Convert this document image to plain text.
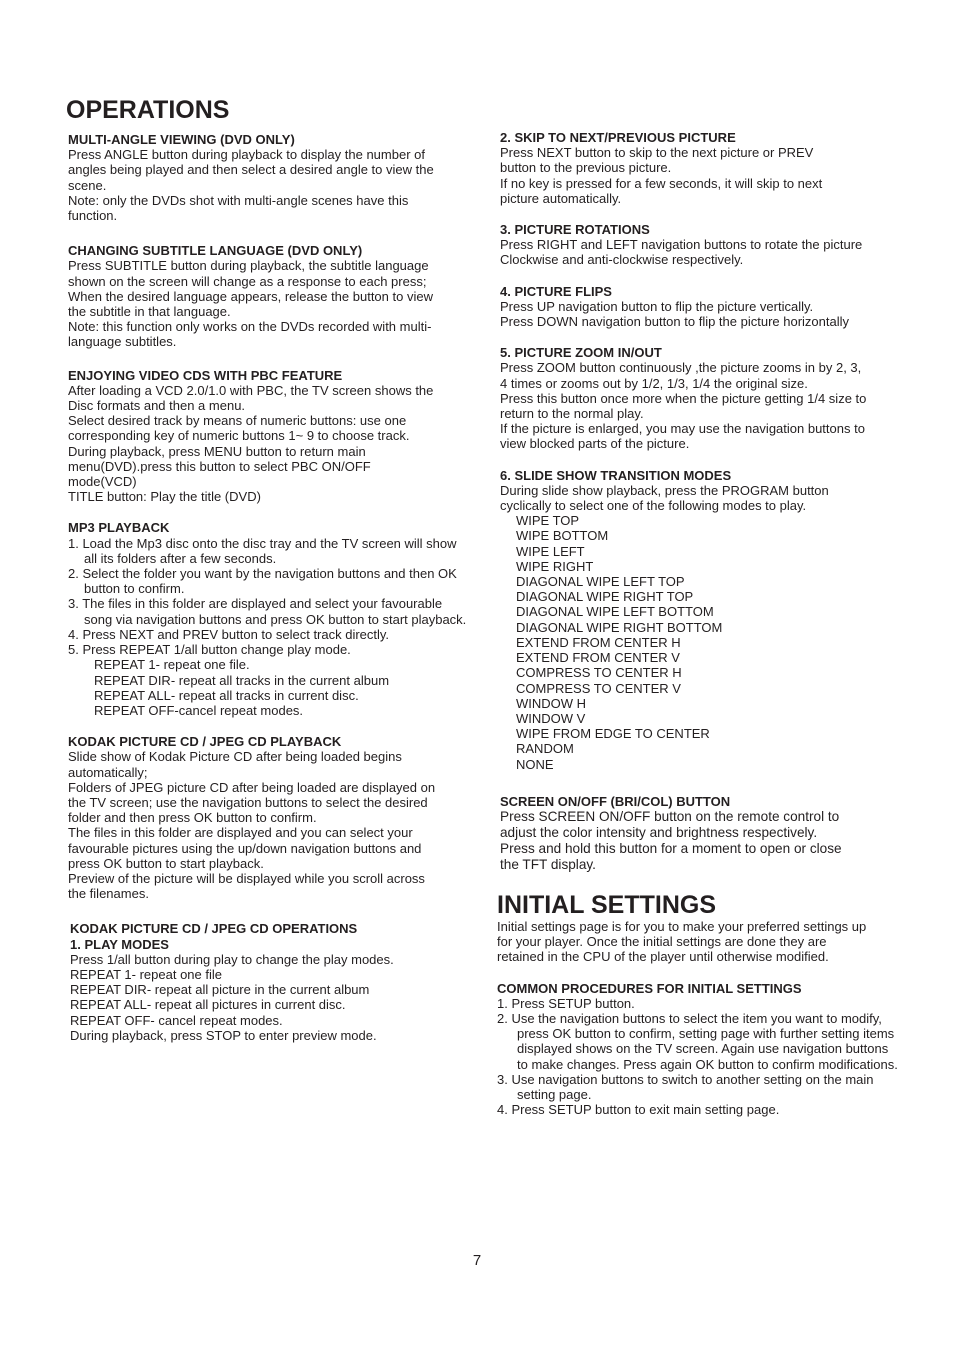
OPERATIONS
MULTI-ANGLE VIEWING (DVD ONLY)
Press ANGLE button during playback to display the number of
angles being played and then select a desired angle to view the
scene.
Note: only the DVDs shot with multi-angle scenes have this
function.
CHANGING SUBTITLE LANGUAGE (DVD ONLY)
Press SUBTITLE button during playback, the subtitle language
shown on the screen will change as a response to each press;
When the desired language appears, release the button to view
the subtitle in that language.
Note: this function only works on the DVDs recorded with multi-
language subtitles.
ENJOYING VIDEO CDS WITH PBC FEATURE
After loading a VCD 2.0/1.0 with PBC, the TV screen shows the
Disc formats and then a menu.
Select desired track by means of numeric buttons: use one
corresponding key of numeric buttons 1~ 9 to choose track.
During playback, press MENU button to return main
menu(DVD).press this button to select PBC ON/OFF
mode(VCD)
TITLE button: Play the title (DVD)
MP3 PLAYBACK
1. Load the Mp3 disc onto the disc tray and the TV screen will show all its folders after a few seconds.
2. Select the folder you want by the navigation buttons and then OK button to confirm.
3. The files in this folder are displayed and select your favourable song via navigation buttons and press OK button to start playback.
4. Press NEXT and PREV button to select track directly.
5. Press REPEAT 1/all button change play mode.
REPEAT 1- repeat one file.
REPEAT DIR- repeat all tracks in the current album
REPEAT ALL- repeat all tracks in current disc.
REPEAT OFF-cancel repeat modes.
KODAK PICTURE CD / JPEG CD PLAYBACK
Slide show of Kodak Picture CD after being loaded begins
automatically;
Folders of JPEG picture CD after being loaded are displayed on
the TV screen; use the navigation buttons to select the desired
folder and then press OK button to confirm.
The files in this folder are displayed and you can select your
favourable pictures using the up/down navigation buttons and
press OK button to start playback.
Preview of the picture will be displayed while you scroll across
the filenames.
KODAK PICTURE CD / JPEG CD OPERATIONS
1. PLAY MODES
Press 1/all button during play to change the play modes.
REPEAT 1- repeat one file
REPEAT DIR- repeat all picture in the current album
REPEAT ALL- repeat all pictures in current disc.
REPEAT OFF- cancel repeat modes.
During playback, press STOP to enter preview mode.
2. SKIP TO NEXT/PREVIOUS PICTURE
Press NEXT button to skip to the next picture or PREV
button to the previous picture.
If no key is pressed for a few seconds, it will skip to next
picture automatically.
3. PICTURE ROTATIONS
Press RIGHT and LEFT navigation buttons to rotate the picture
Clockwise and anti-clockwise respectively.
4. PICTURE FLIPS
Press UP navigation button to flip the picture vertically.
Press DOWN navigation button to flip the picture horizontally
5. PICTURE ZOOM IN/OUT
Press ZOOM button continuously ,the picture zooms in by 2, 3,
4 times or zooms out by 1/2, 1/3, 1/4 the original size.
Press this button once more when the picture getting 1/4 size to
return to the normal play.
If the picture is enlarged, you may use the navigation buttons to
view blocked parts of the picture.
6. SLIDE SHOW TRANSITION MODES
During slide show playback, press the PROGRAM button
cyclically to select one of the following modes to play.
WIPE TOP
WIPE BOTTOM
WIPE LEFT
WIPE RIGHT
DIAGONAL WIPE LEFT TOP
DIAGONAL WIPE RIGHT TOP
DIAGONAL WIPE LEFT BOTTOM
DIAGONAL WIPE RIGHT BOTTOM
EXTEND FROM CENTER H
EXTEND FROM CENTER V
COMPRESS TO CENTER H
COMPRESS TO CENTER V
WINDOW H
WINDOW V
WIPE FROM EDGE TO CENTER
RANDOM
NONE
SCREEN ON/OFF (BRI/COL) BUTTON
Press SCREEN ON/OFF button on the remote control to
adjust the color intensity and brightness respectively.
Press and hold this button for a moment to open or close
the TFT display.
INITIAL SETTINGS
Initial settings page is for you to make your preferred settings up
for your player. Once the initial settings are done they are
retained in the CPU of the player until otherwise modified.
COMMON PROCEDURES FOR INITIAL SETTINGS
1. Press SETUP button.
2. Use the navigation buttons to select the item you want to modify, press OK button to confirm, setting page with further setting items displayed shows on the TV screen. Again use navigation buttons to make changes. Press again OK button to confirm modifications.
3. Use navigation buttons to switch to another setting on the main setting page.
4. Press SETUP button to exit main setting page.
7
